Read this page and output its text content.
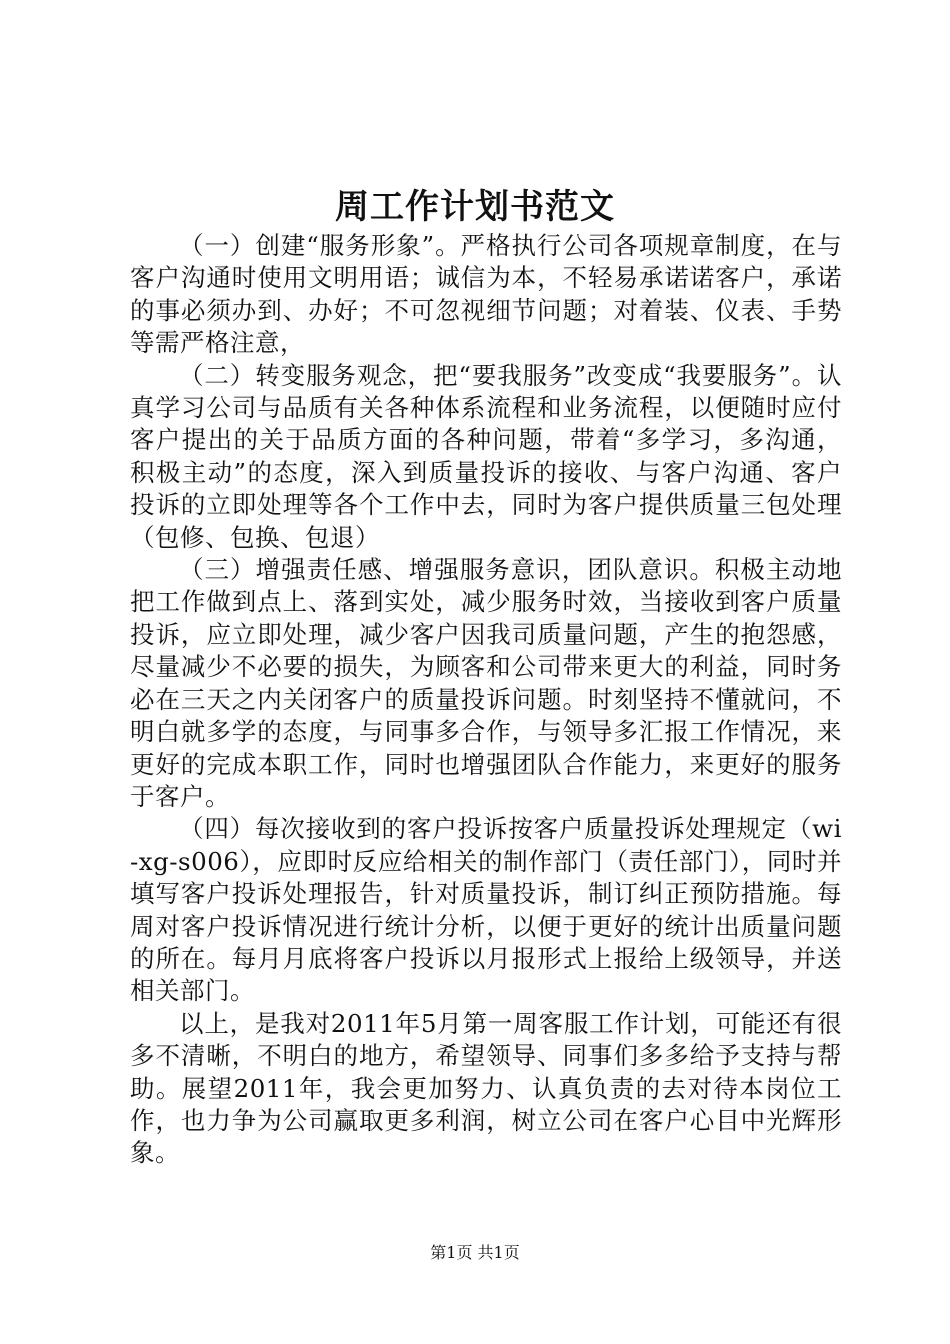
周工作计划书范文

（一）创建“服务形象”。严格执行公司各项规章制度，在与客户沟通时使用文明用语；诚信为本，不轻易承诺诺客户，承诺的事必须办到、办好；不可忽视细节问题；对着装、仪表、手势等需严格注意，

（二）转变服务观念，把“要我服务”改变成“我要服务”。认真学习公司与品质有关各种体系流程和业务流程，以便随时应付客户提出的关于品质方面的各种问题，带着“多学习，多沟通，积极主动”的态度，深入到质量投诉的接收、与客户沟通、客户投诉的立即处理等各个工作中去，同时为客户提供质量三包处理（包修、包换、包退）

（三）增强责任感、增强服务意识，团队意识。积极主动地把工作做到点上、落到实处，减少服务时效，当接收到客户质量投诉，应立即处理，减少客户因我司质量问题，产生的抱怨感，尽量减少不必要的损失，为顾客和公司带来更大的利益，同时务必在三天之内关闭客户的质量投诉问题。时刻坚持不懂就问，不明白就多学的态度，与同事多合作，与领导多汇报工作情况，来更好的完成本职工作，同时也增强团队合作能力，来更好的服务于客户。

（四）每次接收到的客户投诉按客户质量投诉处理规定（wi-xg-s006），应即时反应给相关的制作部门（责任部门），同时并填写客户投诉处理报告，针对质量投诉，制订纠正预防措施。每周对客户投诉情况进行统计分析，以便于更好的统计出质量问题的所在。每月月底将客户投诉以月报形式上报给上级领导，并送相关部门。

以上，是我对2011年5月第一周客服工作计划，可能还有很多不清晰，不明白的地方，希望领导、同事们多多给予支持与帮助。展望2011年，我会更加努力、认真负责的去对待本岗位工作，也力争为公司赢取更多利润，树立公司在客户心目中光辉形象。

第1页 共1页
